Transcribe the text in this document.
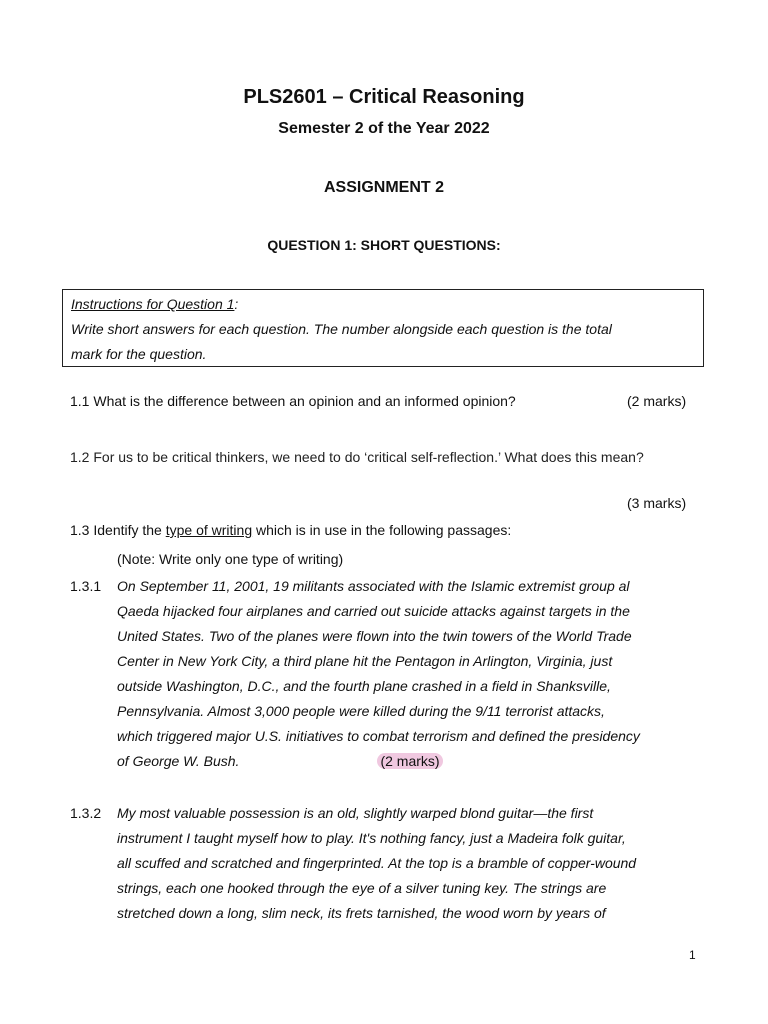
PLS2601 – Critical Reasoning
Semester 2 of the Year 2022
ASSIGNMENT 2
QUESTION 1: SHORT QUESTIONS:
Instructions for Question 1:
Write short answers for each question. The number alongside each question is the total
mark for the question.
1.1 What is the difference between an opinion and an informed opinion?	(2 marks)
1.2 For us to be critical thinkers, we need to do ‘critical self-reflection.’ What does this mean?
(3 marks)
1.3 Identify the type of writing which is in use in the following passages:
(Note: Write only one type of writing)
1.3.1 On September 11, 2001, 19 militants associated with the Islamic extremist group al
Qaeda hijacked four airplanes and carried out suicide attacks against targets in the
United States. Two of the planes were flown into the twin towers of the World Trade
Center in New York City, a third plane hit the Pentagon in Arlington, Virginia, just
outside Washington, D.C., and the fourth plane crashed in a field in Shanksville,
Pennsylvania. Almost 3,000 people were killed during the 9/11 terrorist attacks,
which triggered major U.S. initiatives to combat terrorism and defined the presidency
of George W. Bush.	(2 marks)
1.3.2 My most valuable possession is an old, slightly warped blond guitar—the first
instrument I taught myself how to play. It's nothing fancy, just a Madeira folk guitar,
all scuffed and scratched and fingerprinted. At the top is a bramble of copper-wound
strings, each one hooked through the eye of a silver tuning key. The strings are
stretched down a long, slim neck, its frets tarnished, the wood worn by years of
1
